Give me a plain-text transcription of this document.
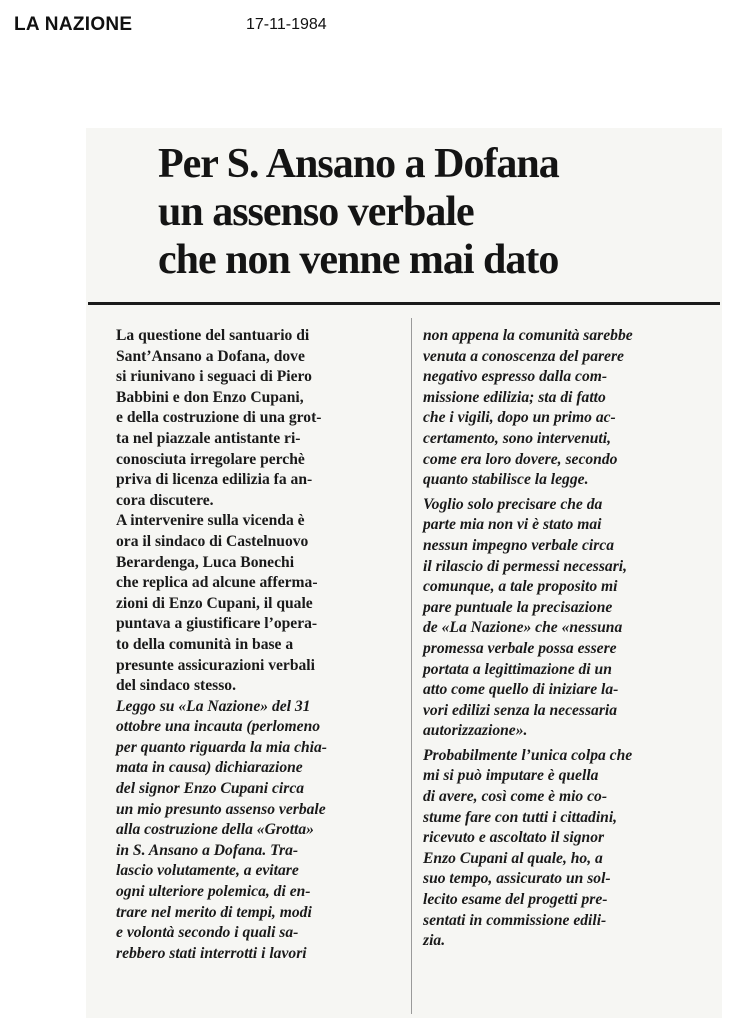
LA NAZIONE	17-11-1984
Per S. Ansano a Dofana
un assenso verbale
che non venne mai dato
La questione del santuario di
Sant’Ansano a Dofana, dove
si riunivano i seguaci di Piero
Babbini e don Enzo Cupani,
e della costruzione di una grot-
ta nel piazzale antistante ri-
conosciuta irregolare perchè
priva di licenza edilizia fa an-
cora discutere.
A intervenire sulla vicenda è
ora il sindaco di Castelnuovo
Berardenga, Luca Bonechi
che replica ad alcune afferma-
zioni di Enzo Cupani, il quale
puntava a giustificare l’opera-
to della comunità in base a
presunte assicurazioni verbali
del sindaco stesso.
Leggo su «La Nazione» del 31
ottobre una incauta (perlomeno
per quanto riguarda la mia chia-
mata in causa) dichiarazione
del signor Enzo Cupani circa
un mio presunto assenso verbale
alla costruzione della «Grotta»
in S. Ansano a Dofana. Tra-
lascio volutamente, a evitare
ogni ulteriore polemica, di en-
trare nel merito di tempi, modi
e volontà secondo i quali sa-
rebbero stati interrotti i lavori
non appena la comunità sarebbe
venuta a conoscenza del parere
negativo espresso dalla com-
missione edilizia; sta di fatto
che i vigili, dopo un primo ac-
certamento, sono intervenuti,
come era loro dovere, secondo
quanto stabilisce la legge.
Voglio solo precisare che da
parte mia non vi è stato mai
nessun impegno verbale circa
il rilascio di permessi necessari,
comunque, a tale proposito mi
pare puntuale la precisazione
de «La Nazione» che «nessuna
promessa verbale possa essere
portata a legittimazione di un
atto come quello di iniziare la-
vori edilizi senza la necessaria
autorizzazione».
Probabilmente l’unica colpa che
mi si può imputare è quella
di avere, così come è mio co-
stume fare con tutti i cittadini,
ricevuto e ascoltato il signor
Enzo Cupani al quale, ho, a
suo tempo, assicurato un sol-
lecito esame del progetti pre-
sentati in commissione edili-
zia.
